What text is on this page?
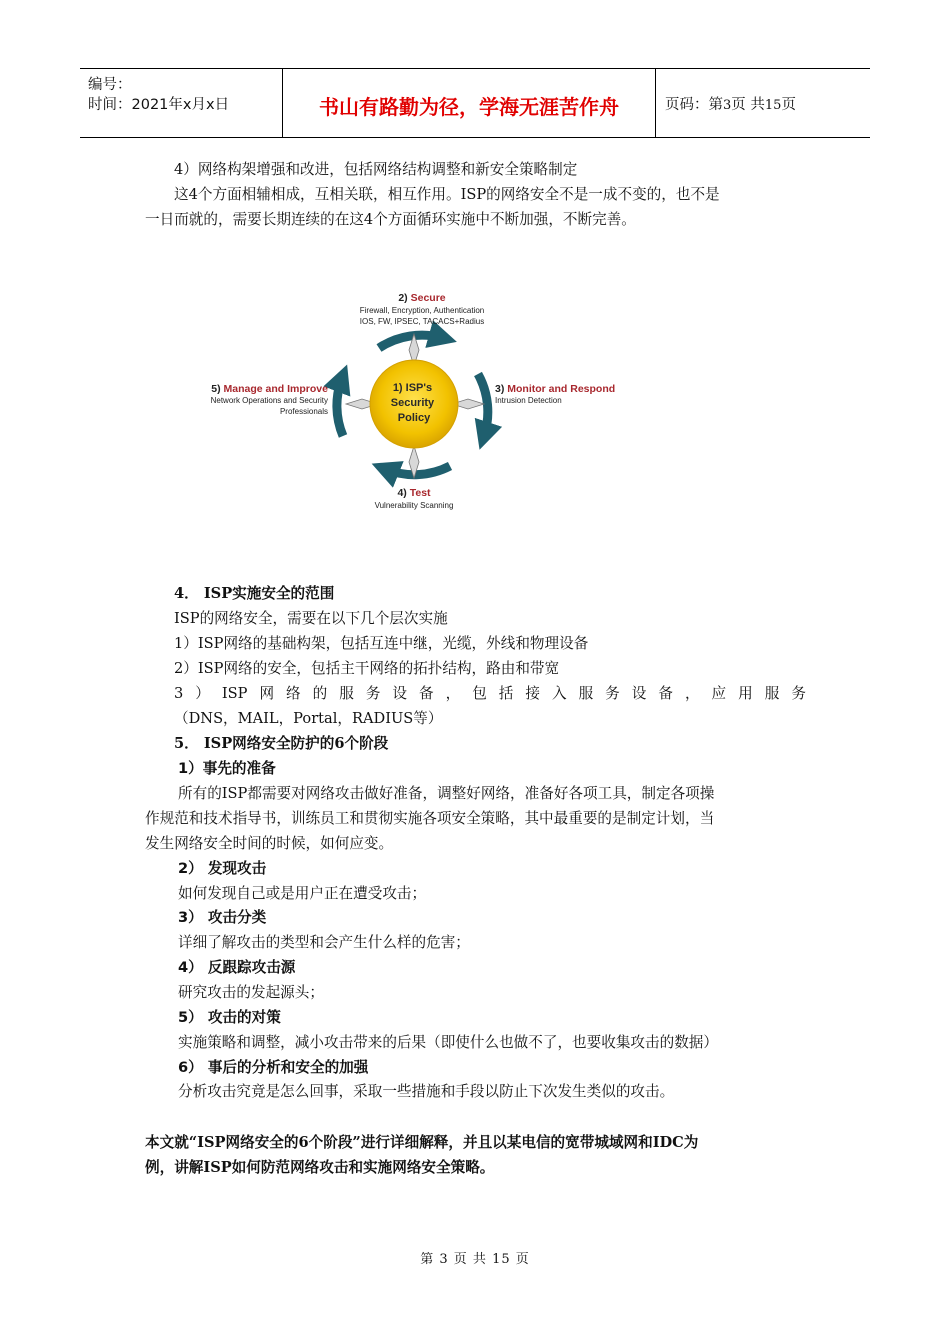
编号：
时间：2021年x月x日	书山有路勤为径，学海无涯苦作舟	页码：第3页 共15页
4）网络构架增强和改进，包括网络结构调整和新安全策略制定
这4个方面相辅相成，互相关联，相互作用。ISP的网络安全不是一成不变的，也不是
一日而就的，需要长期连续的在这4个方面循环实施中不断加强，不断完善。
1) ISP's Security Policy
2) Secure
Firewall, Encryption, Authentication
IOS, FW, IPSEC, TACACS+Radius
3) Monitor and Respond
Intrusion Detection
4) Test
Vulnerability Scanning
5) Manage and Improve
Network Operations and Security
Professionals
4． ISP实施安全的范围
ISP的网络安全，需要在以下几个层次实施
1）ISP网络的基础构架，包括互连中继，光缆，外线和物理设备
2）ISP网络的安全，包括主干网络的拓扑结构，路由和带宽
3 ） ISP 网 络 的 服 务 设 备 ， 包 括 接 入 服 务 设 备 ， 应 用 服 务
（DNS，MAIL，Portal，RADIUS等）
5． ISP网络安全防护的6个阶段
1）事先的准备
所有的ISP都需要对网络攻击做好准备，调整好网络，准备好各项工具，制定各项操
作规范和技术指导书，训练员工和贯彻实施各项安全策略，其中最重要的是制定计划，当
发生网络安全时间的时候，如何应变。
2） 发现攻击
如何发现自己或是用户正在遭受攻击；
3） 攻击分类
详细了解攻击的类型和会产生什么样的危害；
4） 反跟踪攻击源
研究攻击的发起源头；
5） 攻击的对策
实施策略和调整，减小攻击带来的后果（即使什么也做不了，也要收集攻击的数据）
6） 事后的分析和安全的加强
分析攻击究竟是怎么回事，采取一些措施和手段以防止下次发生类似的攻击。
本文就“ISP网络安全的6个阶段”进行详细解释，并且以某电信的宽带城域网和IDC为
例，讲解ISP如何防范网络攻击和实施网络安全策略。
第 3 页 共 15 页
